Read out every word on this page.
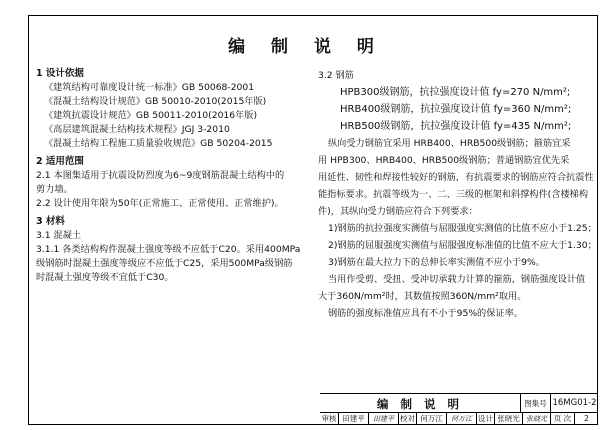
编 制 说 明
1 设计依据
《建筑结构可靠度设计统一标准》GB 50068-2001
《混凝土结构设计规范》GB 50010-2010(2015年版)
《建筑抗震设计规范》GB 50011-2010(2016年版)
《高层建筑混凝土结构技术规程》JGJ 3-2010
《混凝土结构工程施工质量验收规范》GB 50204-2015
2 适用范围
2.1 本图集适用于抗震设防烈度为6~9度钢筋混凝土结构中的
剪力墙。
2.2 设计使用年限为50年(正常施工、正常使用、正常维护)。
3 材料
3.1 混凝土
3.1.1 各类结构构件混凝土强度等级不应低于C20。采用400MPa
级钢筋时混凝土强度等级应不应低于C25，采用500MPa级钢筋
时混凝土强度等级不宜低于C30。
3.2 钢筋
HPB300级钢筋，抗拉强度设计值 fy=270 N/mm²;
HRB400级钢筋，抗拉强度设计值 fy=360 N/mm²;
HRB500级钢筋，抗拉强度设计值 fy=435 N/mm²;
纵向受力钢筋宜采用 HRB400、HRB500级钢筋；箍筋宜采
用 HPB300、HRB400、HRB500级钢筋；普通钢筋宜优先采
用延性、韧性和焊接性较好的钢筋，有抗震要求的钢筋应符合抗震性
能指标要求。抗震等级为一、二、三级的框架和斜撑构件(含楼梯构
件)，其纵向受力钢筋应符合下列要求：
1)钢筋的抗拉强度实测值与屈服强度实测值的比值不应小于1.25；
2)钢筋的屈服强度实测值与屈服强度标准值的比值不应大于1.30；
3)钢筋在最大拉力下的总伸长率实测值不应小于9%。
当用作受剪、受扭、受冲切承载力计算的箍筋，钢筋强度设计值
大于360N/mm²时，其数值按照360N/mm²取用。
钢筋的强度标准值应具有不小于95%的保证率。
编 制 说 明	图集号 16MG01-2
审核 田建平	田建平 校对 何万江	何万江 设计 张晓光 张晓光 页 次	2
